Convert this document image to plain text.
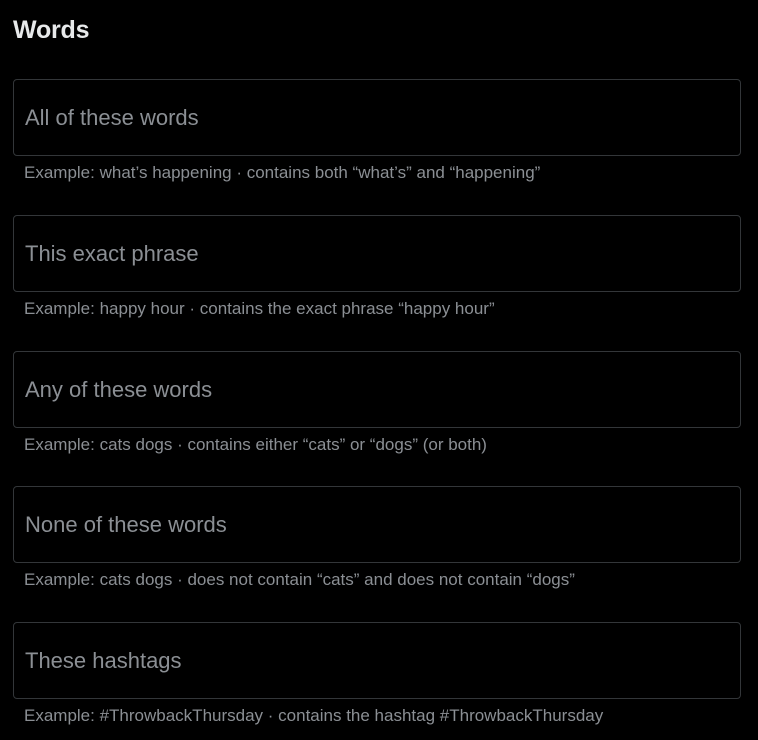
Words
All of these words
Example: what’s happening · contains both “what’s” and “happening”
This exact phrase
Example: happy hour · contains the exact phrase “happy hour”
Any of these words
Example: cats dogs · contains either “cats” or “dogs” (or both)
None of these words
Example: cats dogs · does not contain “cats” and does not contain “dogs”
These hashtags
Example: #ThrowbackThursday · contains the hashtag #ThrowbackThursday
